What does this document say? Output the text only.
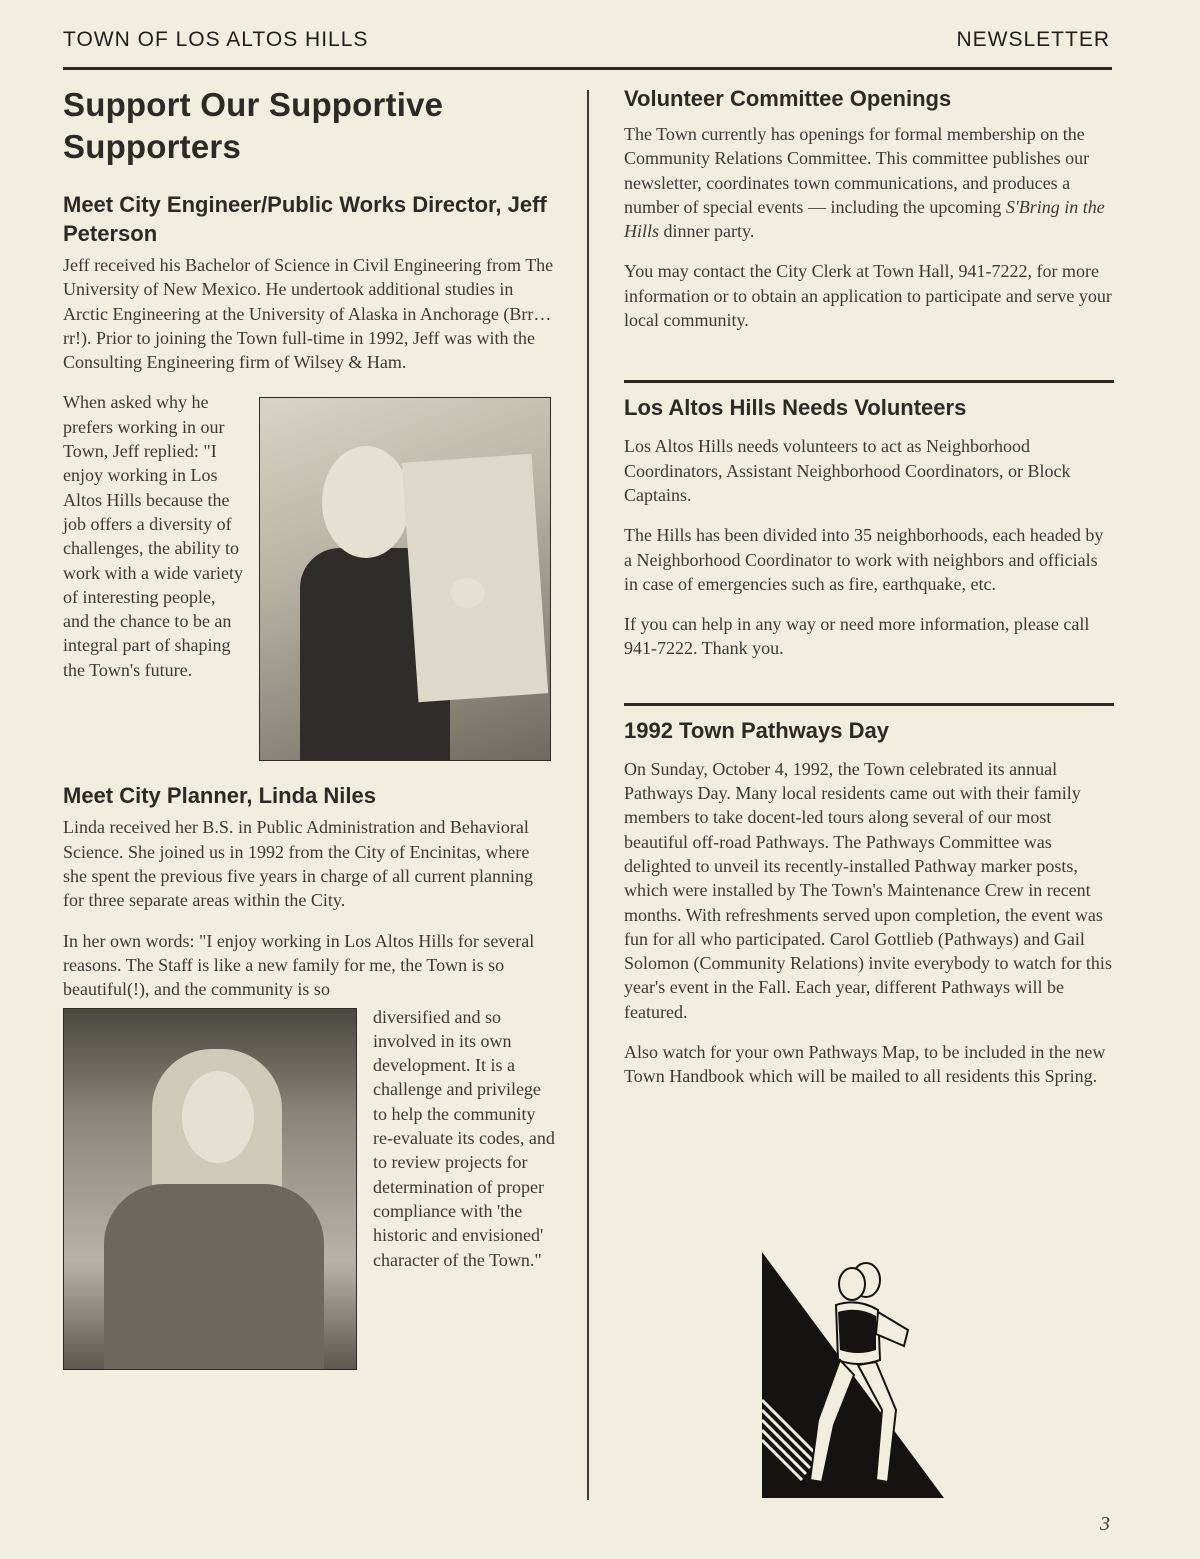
TOWN OF LOS ALTOS HILLS	NEWSLETTER
Support Our Supportive Supporters
Meet City Engineer/Public Works Director, Jeff Peterson

Jeff received his Bachelor of Science in Civil Engineering from The University of New Mexico. He undertook additional studies in Arctic Engineering at the University of Alaska in Anchorage (Brr…rr!). Prior to joining the Town full-time in 1992, Jeff was with the Consulting Engineering firm of Wilsey & Ham.

When asked why he prefers working in our Town, Jeff replied: "I enjoy working in Los Altos Hills because the job offers a diversity of challenges, the ability to work with a wide variety of interesting people, and the chance to be an integral part of shaping the Town's future.

Meet City Planner, Linda Niles

Linda received her B.S. in Public Administration and Behavioral Science. She joined us in 1992 from the City of Encinitas, where she spent the previous five years in charge of all current planning for three separate areas within the City.

In her own words: "I enjoy working in Los Altos Hills for several reasons. The Staff is like a new family for me, the Town is so beautiful(!), and the community is so

diversified and so involved in its own development. It is a challenge and privilege to help the community re-evaluate its codes, and to review projects for determination of proper compliance with 'the historic and envisioned' character of the Town."

Volunteer Committee Openings

The Town currently has openings for formal membership on the Community Relations Committee. This committee publishes our newsletter, coordinates town communications, and produces a number of special events — including the upcoming S'Bring in the Hills dinner party.

You may contact the City Clerk at Town Hall, 941-7222, for more information or to obtain an application to participate and serve your local community.

Los Altos Hills Needs Volunteers

Los Altos Hills needs volunteers to act as Neighborhood Coordinators, Assistant Neighborhood Coordinators, or Block Captains.

The Hills has been divided into 35 neighborhoods, each headed by a Neighborhood Coordinator to work with neighbors and officials in case of emergencies such as fire, earthquake, etc.

If you can help in any way or need more information, please call 941-7222. Thank you.

1992 Town Pathways Day

On Sunday, October 4, 1992, the Town celebrated its annual Pathways Day. Many local residents came out with their family members to take docent-led tours along several of our most beautiful off-road Pathways. The Pathways Committee was delighted to unveil its recently-installed Pathway marker posts, which were installed by The Town's Maintenance Crew in recent months. With refreshments served upon completion, the event was fun for all who participated. Carol Gottlieb (Pathways) and Gail Solomon (Community Relations) invite everybody to watch for this year's event in the Fall. Each year, different Pathways will be featured.

Also watch for your own Pathways Map, to be included in the new Town Handbook which will be mailed to all residents this Spring.

3
